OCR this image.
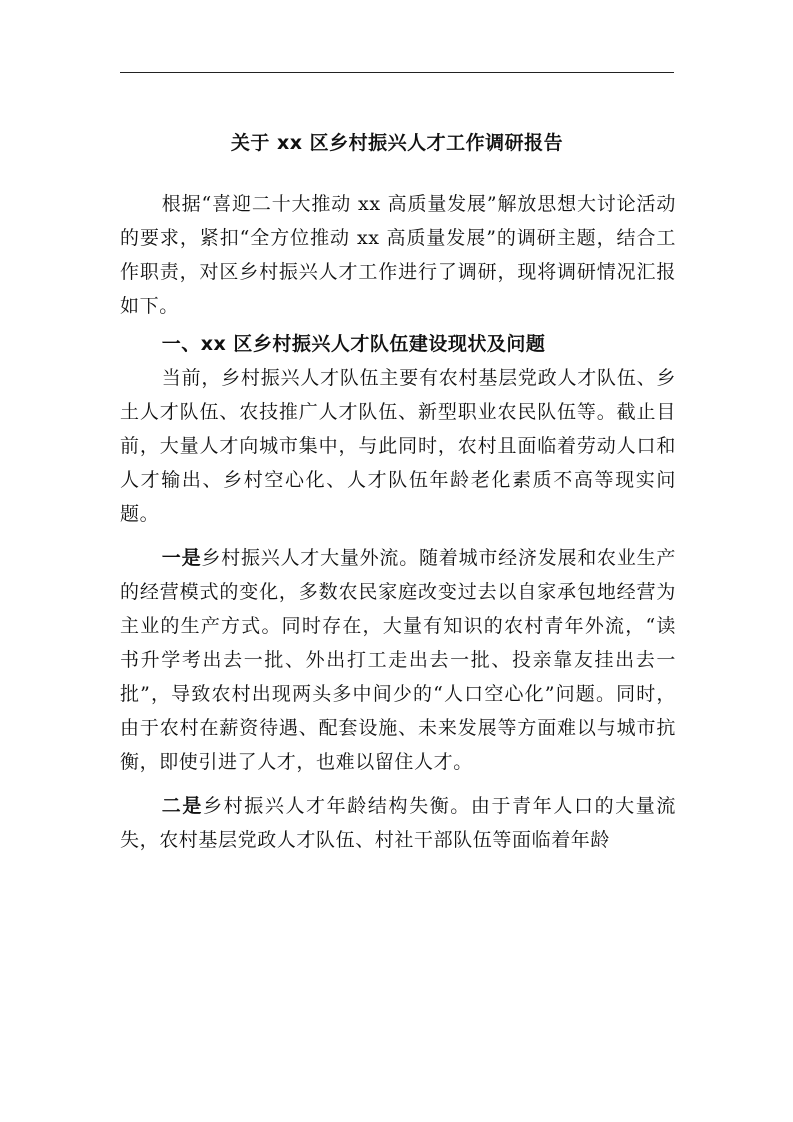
关于 xx 区乡村振兴人才工作调研报告

根据“喜迎二十大推动 xx 高质量发展”解放思想大讨论活动的要求，紧扣“全方位推动 xx 高质量发展”的调研主题，结合工作职责，对区乡村振兴人才工作进行了调研，现将调研情况汇报如下。

一、xx 区乡村振兴人才队伍建设现状及问题

当前，乡村振兴人才队伍主要有农村基层党政人才队伍、乡土人才队伍、农技推广人才队伍、新型职业农民队伍等。截止目前，大量人才向城市集中，与此同时，农村且面临着劳动人口和人才输出、乡村空心化、人才队伍年龄老化素质不高等现实问题。

一是乡村振兴人才大量外流。随着城市经济发展和农业生产的经营模式的变化，多数农民家庭改变过去以自家承包地经营为主业的生产方式。同时存在，大量有知识的农村青年外流，“读书升学考出去一批、外出打工走出去一批、投亲靠友挂出去一批”，导致农村出现两头多中间少的“人口空心化”问题。同时，由于农村在薪资待遇、配套设施、未来发展等方面难以与城市抗衡，即使引进了人才，也难以留住人才。

二是乡村振兴人才年龄结构失衡。由于青年人口的大量流失，农村基层党政人才队伍、村社干部队伍等面临着年龄
